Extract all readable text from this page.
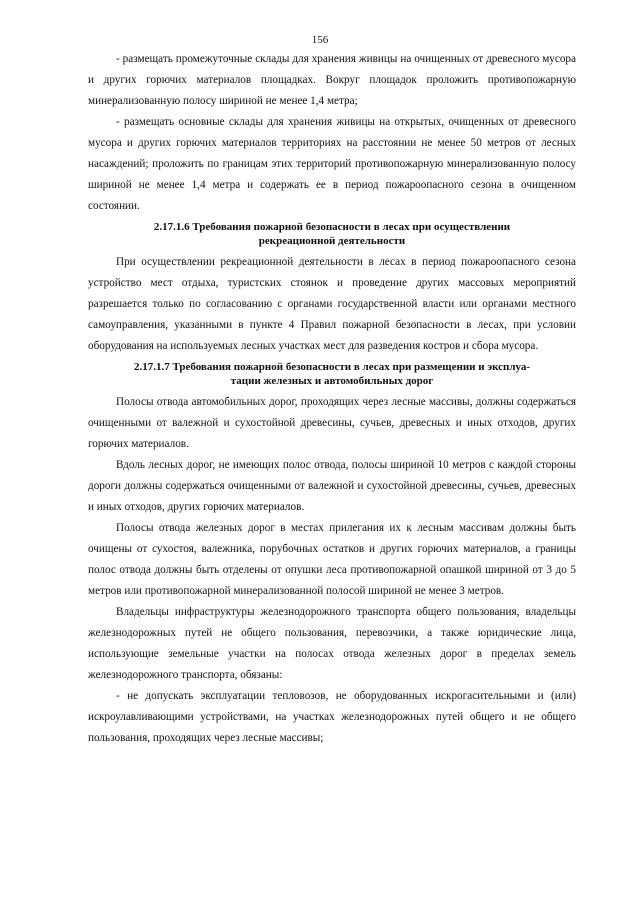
156

- размещать промежуточные склады для хранения живицы на очищенных от древесного мусора и других горючих материалов площадках. Вокруг площадок проложить противопожарную минерализованную полосу шириной не менее 1,4 метра;

- размещать основные склады для хранения живицы на открытых, очищенных от древесного мусора и других горючих материалов территориях на расстоянии не менее 50 метров от лесных насаждений; проложить по границам этих территорий противопожарную минерализованную полосу шириной не менее 1,4 метра и содержать ее в период пожароопасного сезона в очищенном состоянии.

2.17.1.6 Требования пожарной безопасности в лесах при осуществлении
рекреационной деятельности

При осуществлении рекреационной деятельности в лесах в период пожароопасного сезона устройство мест отдыха, туристских стоянок и проведение других массовых мероприятий разрешается только по согласованию с органами государственной власти или органами местного самоуправления, указанными в пункте 4 Правил пожарной безопасности в лесах, при условии оборудования на используемых лесных участках мест для разведения костров и сбора мусора.

2.17.1.7 Требования пожарной безопасности в лесах при размещении и эксплуа-
тации железных и автомобильных дорог

Полосы отвода автомобильных дорог, проходящих через лесные массивы, должны содержаться очищенными от валежной и сухостойной древесины, сучьев, древесных и иных отходов, других горючих материалов.

Вдоль лесных дорог, не имеющих полос отвода, полосы шириной 10 метров с каждой стороны дороги должны содержаться очищенными от валежной и сухостойной древесины, сучьев, древесных и иных отходов, других горючих материалов.

Полосы отвода железных дорог в местах прилегания их к лесным массивам должны быть очищены от сухостоя, валежника, порубочных остатков и других горючих материалов, а границы полос отвода должны быть отделены от опушки леса противопожарной опашкой шириной от 3 до 5 метров или противопожарной минерализованной полосой шириной не менее 3 метров.

Владельцы инфраструктуры железнодорожного транспорта общего пользования, владельцы железнодорожных путей не общего пользования, перевозчики, а также юридические лица, использующие земельные участки на полосах отвода железных дорог в пределах земель железнодорожного транспорта, обязаны:

- не допускать эксплуатации тепловозов, не оборудованных искрогасительными и (или) искроулавливающими устройствами, на участках железнодорожных путей общего и не общего пользования, проходящих через лесные массивы;
